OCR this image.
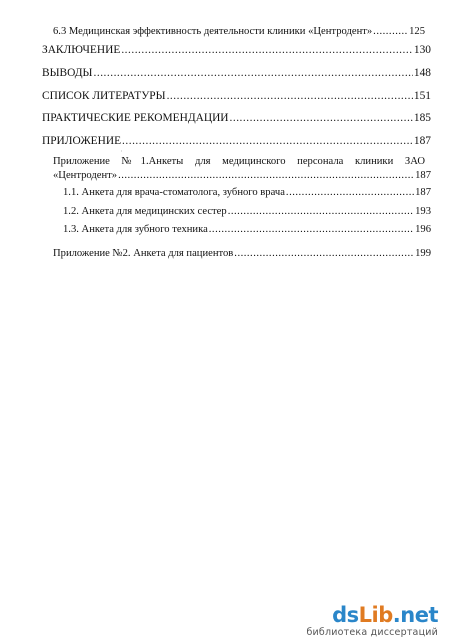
6.3 Медицинская эффективность деятельности клиники «Центродент» .....	125
ЗАКЛЮЧЕНИЕ .....	130
ВЫВОДЫ .....	148
СПИСОК ЛИТЕРАТУРЫ .....	151
ПРАКТИЧЕСКИЕ РЕКОМЕНДАЦИИ .....	185
ПРИЛОЖЕНИЕ .....	187
'
Приложение №1.Анкеты для медицинского персонала клиники ЗАО
«Центродент» .....	187
1.1. Анкета для врача-стоматолога, зубного врача .....	187
1.2. Анкета для медицинских сестер .....	193
1.3. Анкета для зубного техника .....	196
Приложение №2. Анкета для пациентов .....	199
dsLib.net
библиотека диссертаций
